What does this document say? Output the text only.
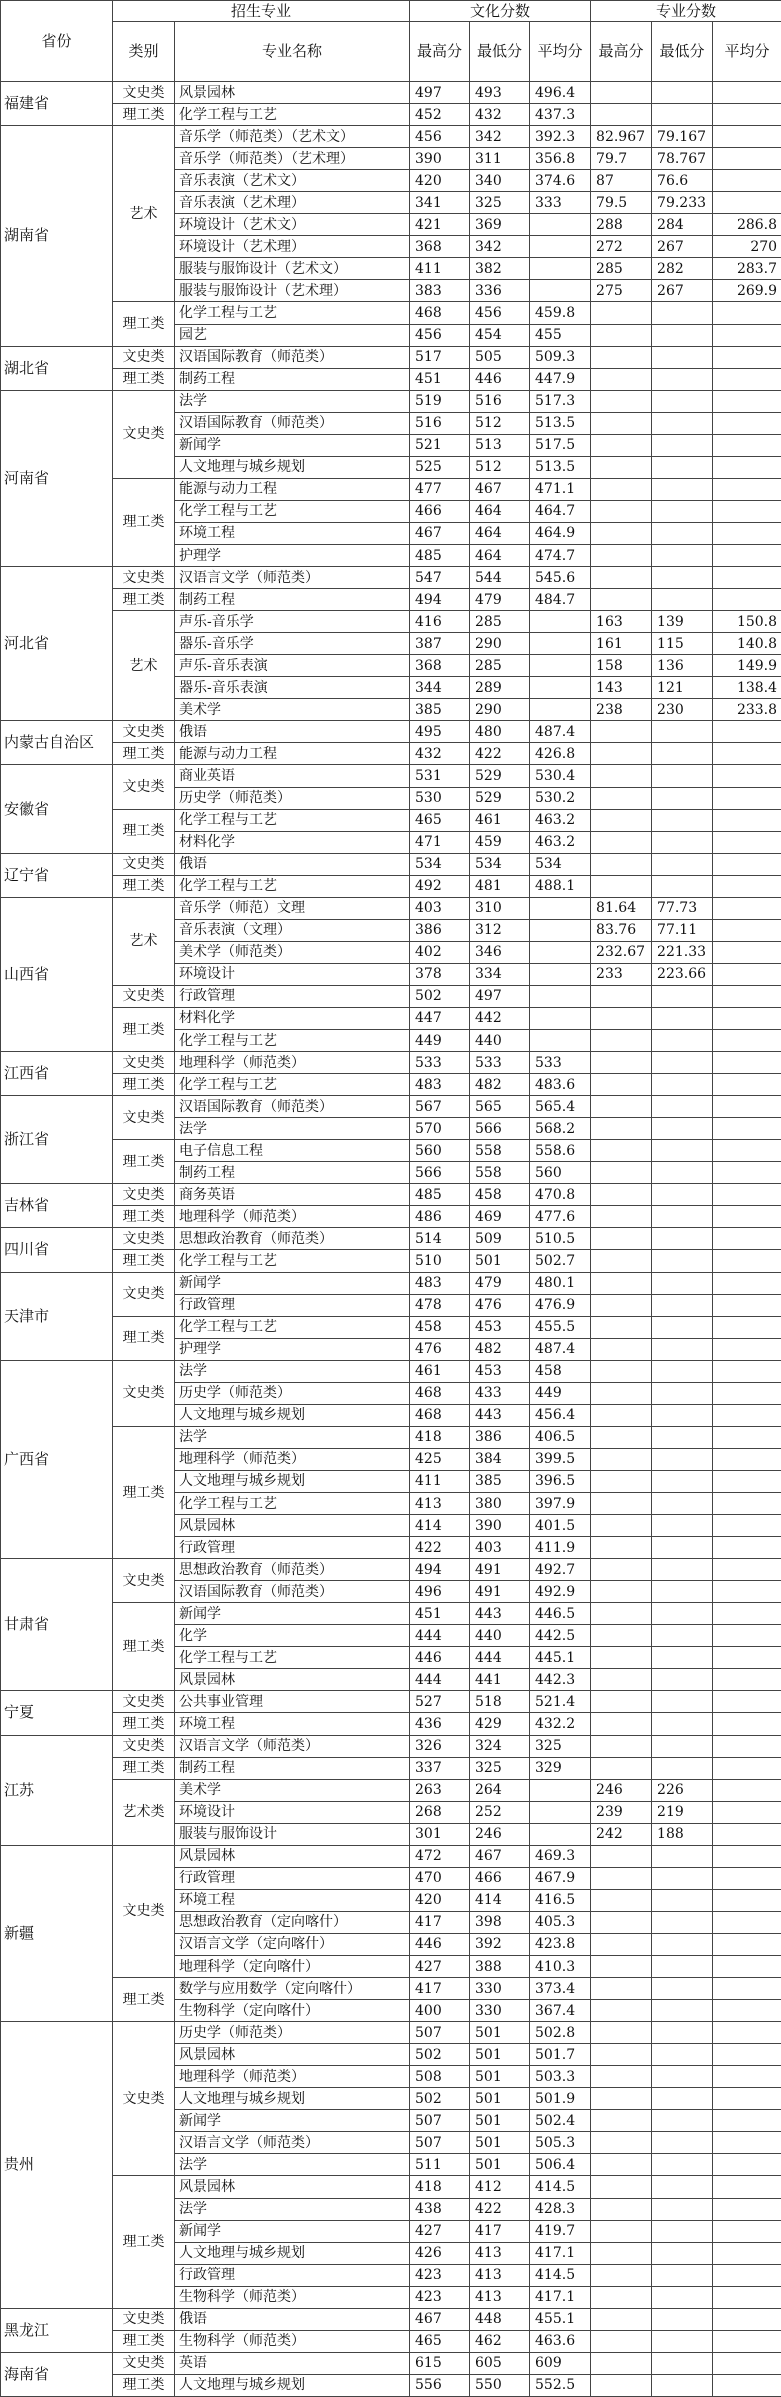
省份	招生专业		文化分数			专业分数		
	类别	专业名称	最高分	最低分	平均分	最高分	最低分	平均分
福建省	文史类	风景园林	497	493	496.4			
	理工类	化学工程与工艺	452	432	437.3			
湖南省	艺术	音乐学（师范类）（艺术文）	456	342	392.3	82.967	79.167	
		音乐学（师范类）（艺术理）	390	311	356.8	79.7	78.767	
		音乐表演（艺术文）	420	340	374.6	87	76.6	
		音乐表演（艺术理）	341	325	333	79.5	79.233	
		环境设计（艺术文）	421	369		288	284	286.8
		环境设计（艺术理）	368	342		272	267	270
		服装与服饰设计（艺术文）	411	382		285	282	283.7
		服装与服饰设计（艺术理）	383	336		275	267	269.9
	理工类	化学工程与工艺	468	456	459.8			
		园艺	456	454	455			
湖北省	文史类	汉语国际教育（师范类）	517	505	509.3			
	理工类	制药工程	451	446	447.9			
河南省	文史类	法学	519	516	517.3			
		汉语国际教育（师范类）	516	512	513.5			
		新闻学	521	513	517.5			
		人文地理与城乡规划	525	512	513.5			
	理工类	能源与动力工程	477	467	471.1			
		化学工程与工艺	466	464	464.7			
		环境工程	467	464	464.9			
		护理学	485	464	474.7			
河北省	文史类	汉语言文学（师范类）	547	544	545.6			
	理工类	制药工程	494	479	484.7			
	艺术	声乐-音乐学	416	285		163	139	150.8
		器乐-音乐学	387	290		161	115	140.8
		声乐-音乐表演	368	285		158	136	149.9
		器乐-音乐表演	344	289		143	121	138.4
		美术学	385	290		238	230	233.8
内蒙古自治区	文史类	俄语	495	480	487.4			
	理工类	能源与动力工程	432	422	426.8			
安徽省	文史类	商业英语	531	529	530.4			
		历史学（师范类）	530	529	530.2			
	理工类	化学工程与工艺	465	461	463.2			
		材料化学	471	459	463.2			
辽宁省	文史类	俄语	534	534	534			
	理工类	化学工程与工艺	492	481	488.1			
山西省	艺术	音乐学（师范）文理	403	310		81.64	77.73	
		音乐表演（文理）	386	312		83.76	77.11	
		美术学（师范类）	402	346		232.67	221.33	
		环境设计	378	334		233	223.66	
	文史类	行政管理	502	497				
	理工类	材料化学	447	442				
		化学工程与工艺	449	440				
江西省	文史类	地理科学（师范类）	533	533	533			
	理工类	化学工程与工艺	483	482	483.6			
浙江省	文史类	汉语国际教育（师范类）	567	565	565.4			
		法学	570	566	568.2			
	理工类	电子信息工程	560	558	558.6			
		制药工程	566	558	560			
吉林省	文史类	商务英语	485	458	470.8			
	理工类	地理科学（师范类）	486	469	477.6			
四川省	文史类	思想政治教育（师范类）	514	509	510.5			
	理工类	化学工程与工艺	510	501	502.7			
天津市	文史类	新闻学	483	479	480.1			
		行政管理	478	476	476.9			
	理工类	化学工程与工艺	458	453	455.5			
		护理学	476	482	487.4			
广西省	文史类	法学	461	453	458			
		历史学（师范类）	468	433	449			
		人文地理与城乡规划	468	443	456.4			
	理工类	法学	418	386	406.5			
		地理科学（师范类）	425	384	399.5			
		人文地理与城乡规划	411	385	396.5			
		化学工程与工艺	413	380	397.9			
		风景园林	414	390	401.5			
		行政管理	422	403	411.9			
甘肃省	文史类	思想政治教育（师范类）	494	491	492.7			
		汉语国际教育（师范类）	496	491	492.9			
	理工类	新闻学	451	443	446.5			
		化学	444	440	442.5			
		化学工程与工艺	446	444	445.1			
		风景园林	444	441	442.3			
宁夏	文史类	公共事业管理	527	518	521.4			
	理工类	环境工程	436	429	432.2			
江苏	文史类	汉语言文学（师范类）	326	324	325			
	理工类	制药工程	337	325	329			
	艺术类	美术学	263	264		246	226	
		环境设计	268	252		239	219	
		服装与服饰设计	301	246		242	188	
新疆	文史类	风景园林	472	467	469.3			
		行政管理	470	466	467.9			
		环境工程	420	414	416.5			
		思想政治教育（定向喀什）	417	398	405.3			
		汉语言文学（定向喀什）	446	392	423.8			
		地理科学（定向喀什）	427	388	410.3			
	理工类	数学与应用数学（定向喀什）	417	330	373.4			
		生物科学（定向喀什）	400	330	367.4			
贵州	文史类	历史学（师范类）	507	501	502.8			
		风景园林	502	501	501.7			
		地理科学（师范类）	508	501	503.3			
		人文地理与城乡规划	502	501	501.9			
		新闻学	507	501	502.4			
		汉语言文学（师范类）	507	501	505.3			
		法学	511	501	506.4			
	理工类	风景园林	418	412	414.5			
		法学	438	422	428.3			
		新闻学	427	417	419.7			
		人文地理与城乡规划	426	413	417.1			
		行政管理	423	413	414.5			
		生物科学（师范类）	423	413	417.1			
黑龙江	文史类	俄语	467	448	455.1			
	理工类	生物科学（师范类）	465	462	463.6			
海南省	文史类	英语	615	605	609			
	理工类	人文地理与城乡规划	556	550	552.5			
